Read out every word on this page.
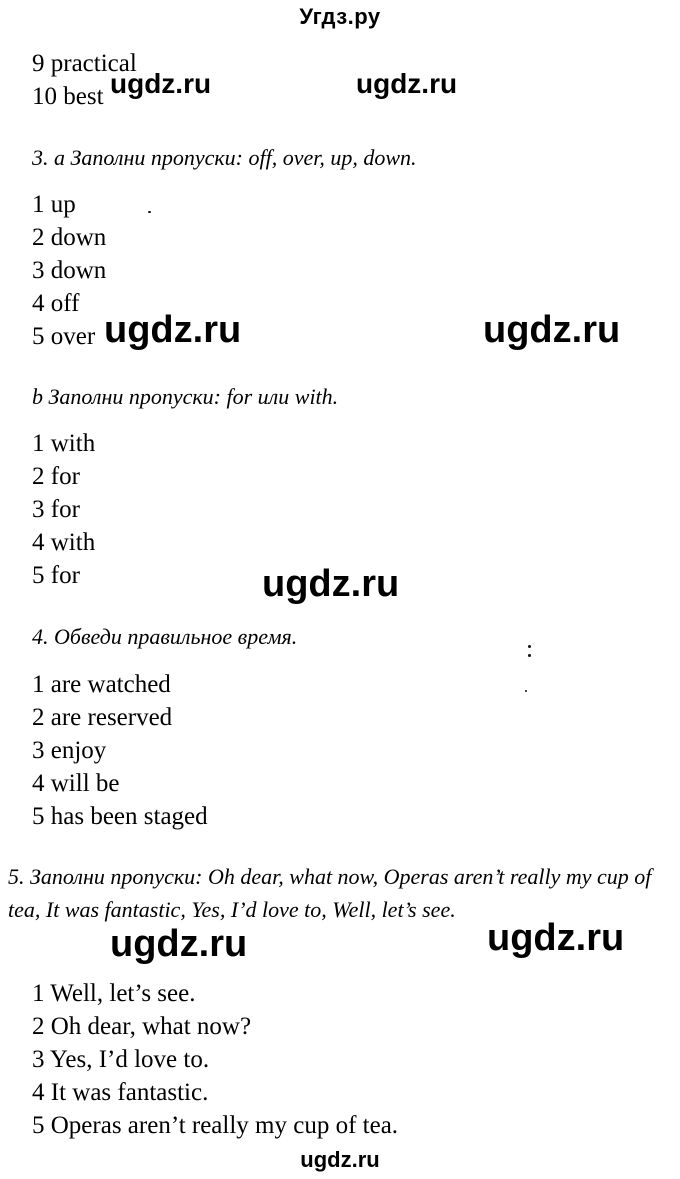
Угдз.ру
9 practical
10 best ugdz.ru	ugdz.ru
3. a Заполни пропуски: off, over, up, down.
1 up
2 down
3 down
4 off
5 over ugdz.ru	ugdz.ru
b Заполни пропуски: for или with.
1 with
2 for
3 for
4 with
5 for	ugdz.ru
4. Обведи правильное время.
1 are watched
2 are reserved
3 enjoy
4 will be
5 has been staged
5. Заполни пропуски: Oh dear, what now, Operas aren’t really my cup of tea, It was fantastic, Yes, I’d love to, Well, let’s see.
ugdz.ru	ugdz.ru
1 Well, let’s see.
2 Oh dear, what now?
3 Yes, I’d love to.
4 It was fantastic.
5 Operas aren’t really my cup of tea.
ugdz.ru
